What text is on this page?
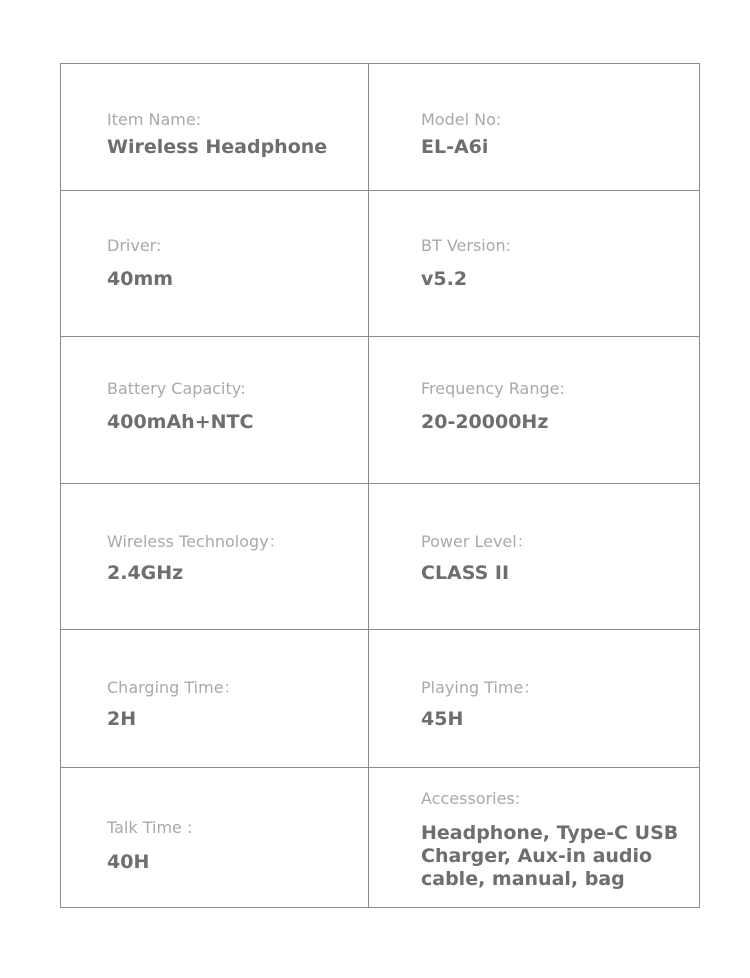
Item Name:
Wireless Headphone
Model No:
EL-A6i
Driver:
40mm
BT Version:
v5.2
Battery Capacity:
400mAh+NTC
Frequency Range:
20-20000Hz
Wireless Technology：
2.4GHz
Power Level：
CLASS II
Charging Time：
2H
Playing Time：
45H
Talk Time :
40H
Accessories:
Headphone, Type-C USB Charger, Aux-in audio cable, manual, bag
